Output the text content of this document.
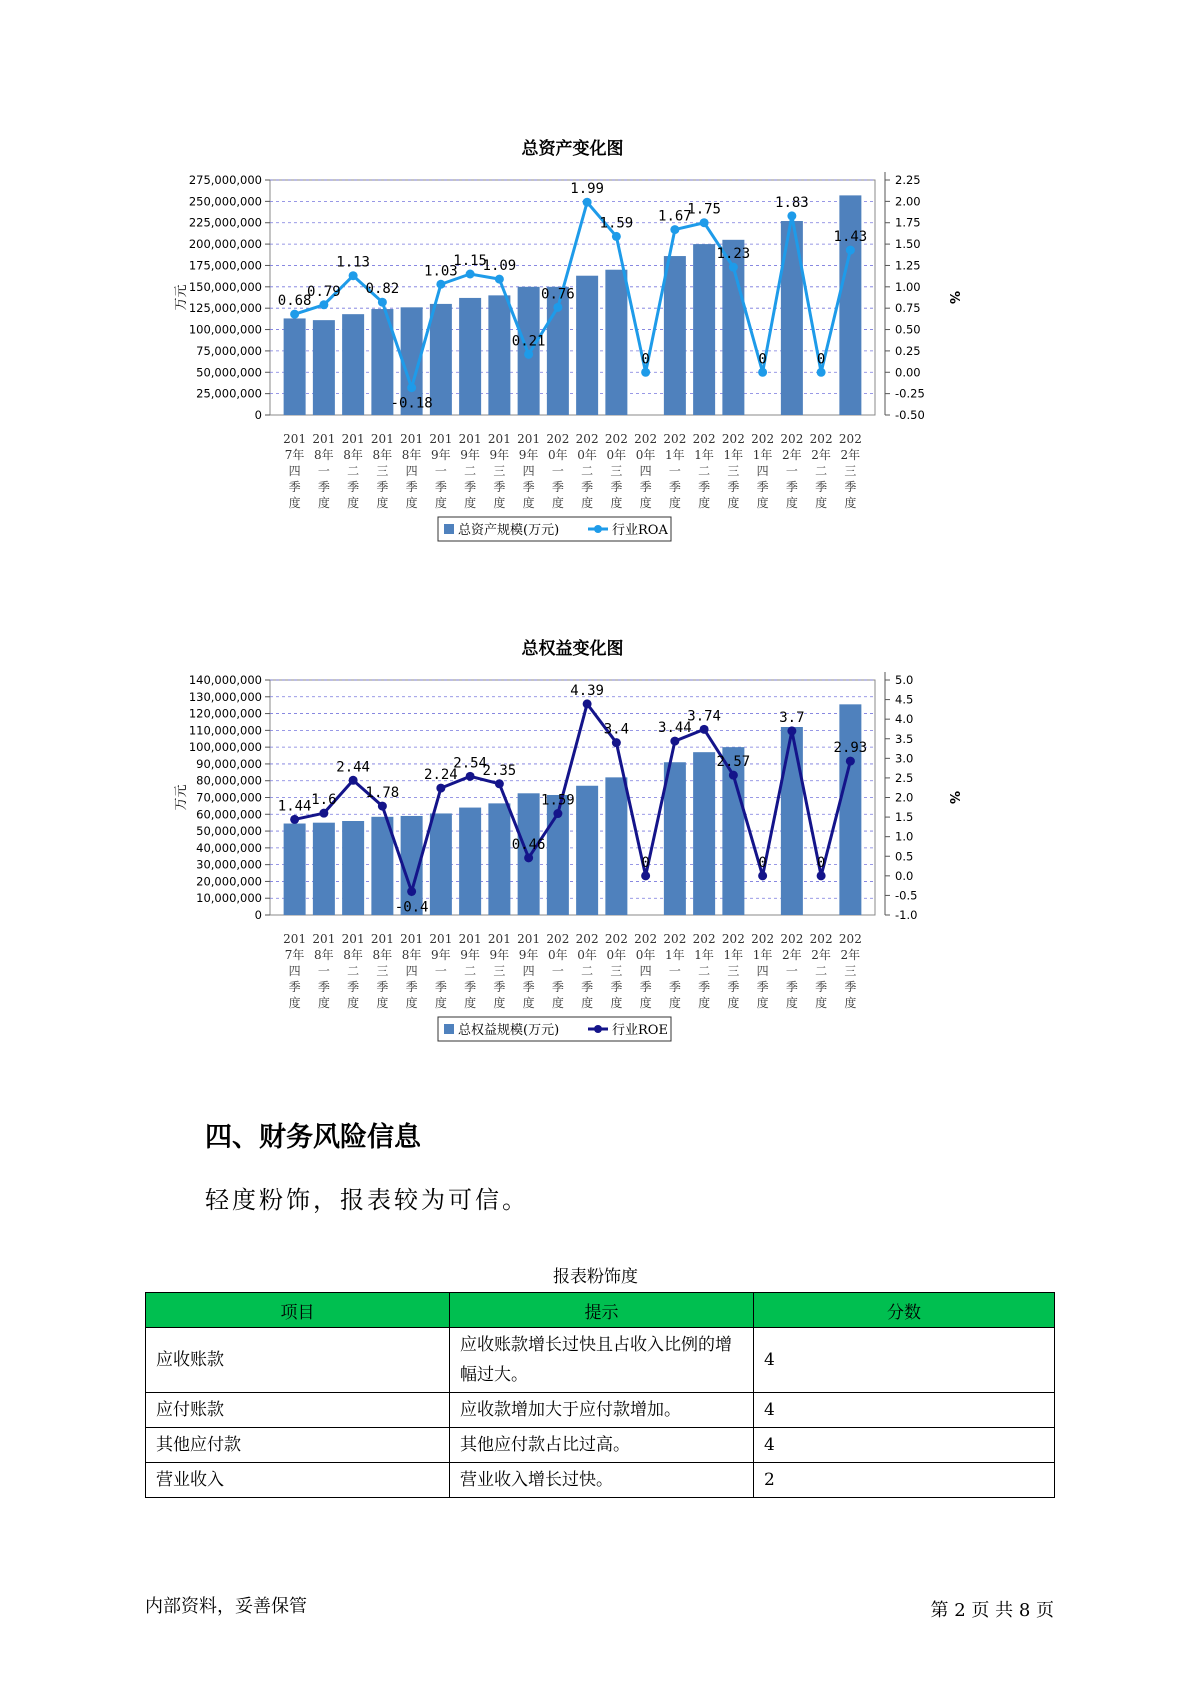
总资产变化图
0
25,000,000
50,000,000
75,000,000
100,000,000
125,000,000
150,000,000
175,000,000
200,000,000
225,000,000
250,000,000
275,000,000
-0.50
-0.25
0.00
0.25
0.50
0.75
1.00
1.25
1.50
1.75
2.00
2.25
万元	%
0.68
0.79
1.13
0.82
-0.18
1.03
1.15
1.09
0.21
0.76
1.99
1.59
0
1.67
1.75
1.23
0
1.83
0
1.43
201
7年
四
季
度
201
8年
一
季
度
201
8年
二
季
度
201
8年
三
季
度
201
8年
四
季
度
201
9年
一
季
度
201
9年
二
季
度
201
9年
三
季
度
201
9年
四
季
度
202
0年
一
季
度
202
0年
二
季
度
202
0年
三
季
度
202
0年
四
季
度
202
1年
一
季
度
202
1年
二
季
度
202
1年
三
季
度
202
1年
四
季
度
202
2年
一
季
度
202
2年
二
季
度
202
2年
三
季
度
总资产规模(万元)	行业ROA
总权益变化图
0
10,000,000
20,000,000
30,000,000
40,000,000
50,000,000
60,000,000
70,000,000
80,000,000
90,000,000
100,000,000
110,000,000
120,000,000
130,000,000
140,000,000
-1.0
-0.5
0.0
0.5
1.0
1.5
2.0
2.5
3.0
3.5
4.0
4.5
5.0
万元	%
1.44 1.6
2.44
1.78
-0.4
2.24
2.54
2.35
0.46
1.59
4.39
3.4
0
3.44
3.74
2.57
0
3.7
0
2.93
201
7年
四
季
度
201
8年
一
季
度
201
8年
二
季
度
201
8年
三
季
度
201
8年
四
季
度
201
9年
一
季
度
201
9年
二
季
度
201
9年
三
季
度
201
9年
四
季
度
202
0年
一
季
度
202
0年
二
季
度
202
0年
三
季
度
202
0年
四
季
度
202
1年
一
季
度
202
1年
二
季
度
202
1年
三
季
度
202
1年
四
季
度
202
2年
一
季
度
202
2年
二
季
度
202
2年
三
季
度
总权益规模(万元)	行业ROE
四、财务风险信息
轻度粉饰，报表较为可信。
报表粉饰度
项目	提示	分数
应收账款	应收账款增长过快且占收入比例的增幅过大。	4
应付账款	应收款增加大于应付款增加。	4
其他应付款	其他应付款占比过高。	4
营业收入	营业收入增长过快。	2
内部资料，妥善保管	第 2 页 共 8 页
